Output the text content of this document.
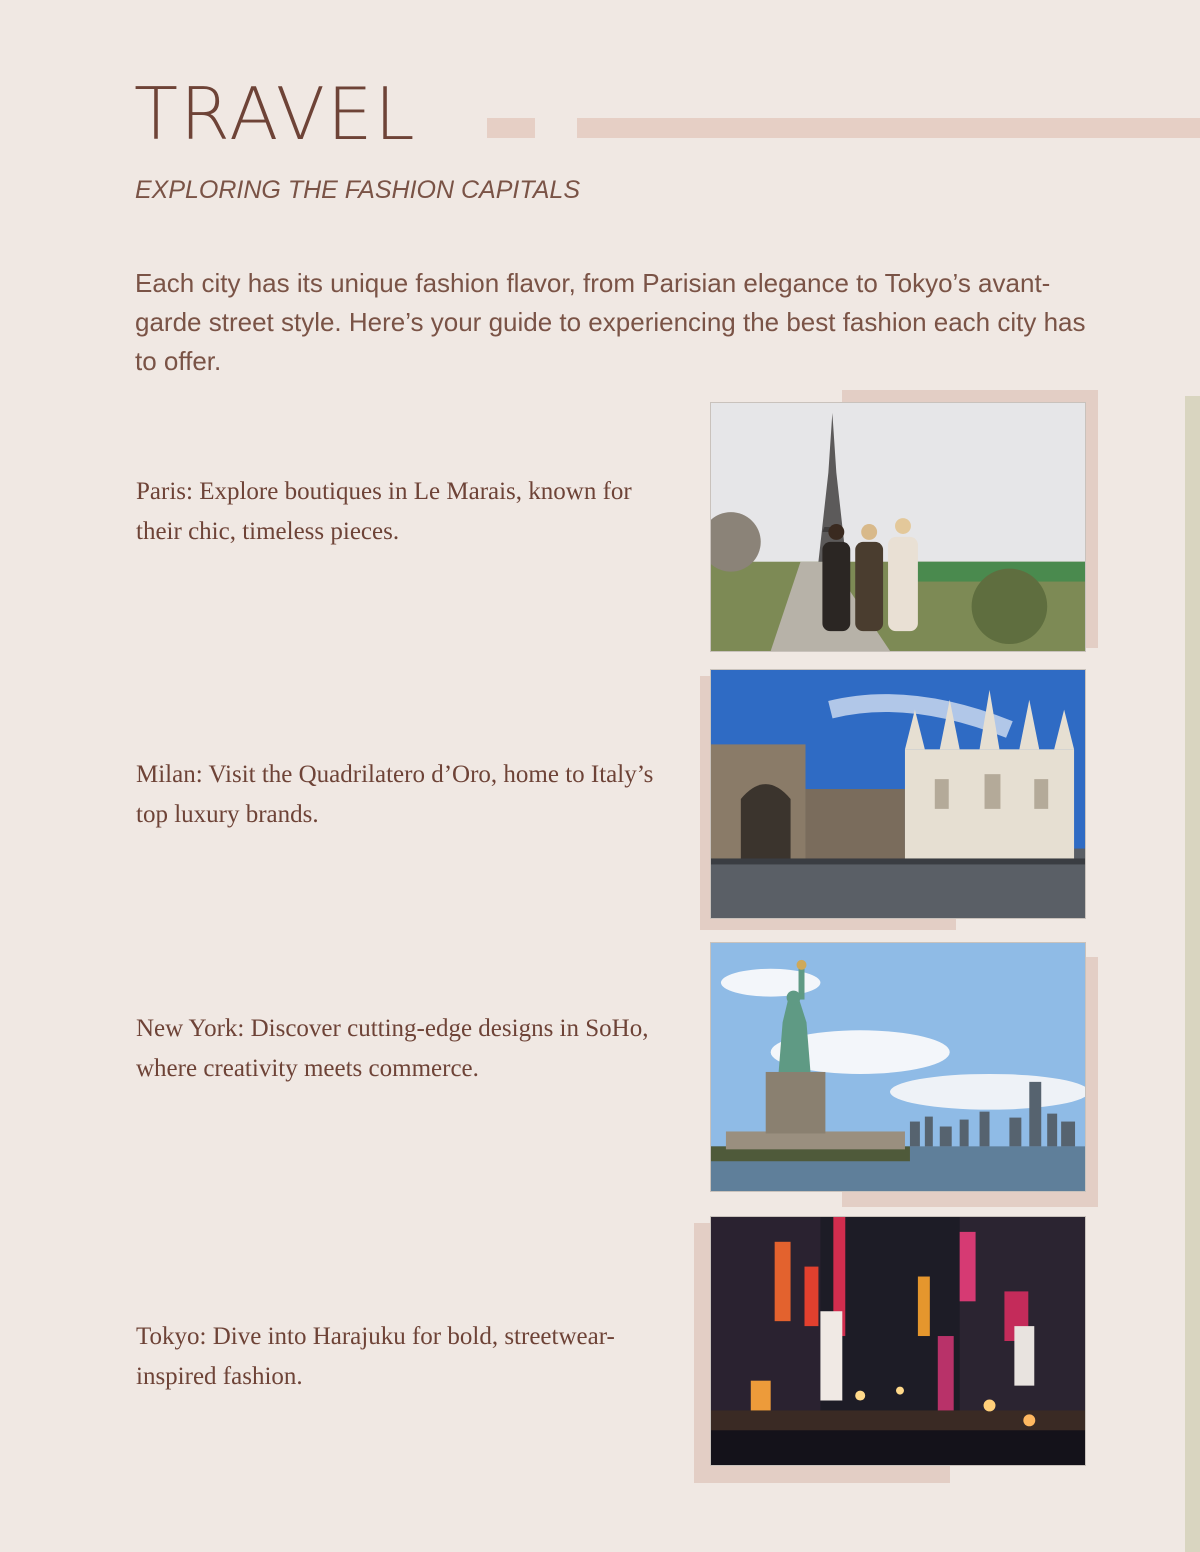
TRAVEL
EXPLORING THE FASHION CAPITALS

Each city has its unique fashion flavor, from Parisian elegance to Tokyo’s avant-garde street style. Here’s your guide to experiencing the best fashion each city has to offer.

Paris: Explore boutiques in Le Marais, known for their chic, timeless pieces.

Milan: Visit the Quadrilatero d’Oro, home to Italy’s top luxury brands.

New York: Discover cutting-edge designs in SoHo, where creativity meets commerce.

Tokyo: Dive into Harajuku for bold, streetwear-inspired fashion.
